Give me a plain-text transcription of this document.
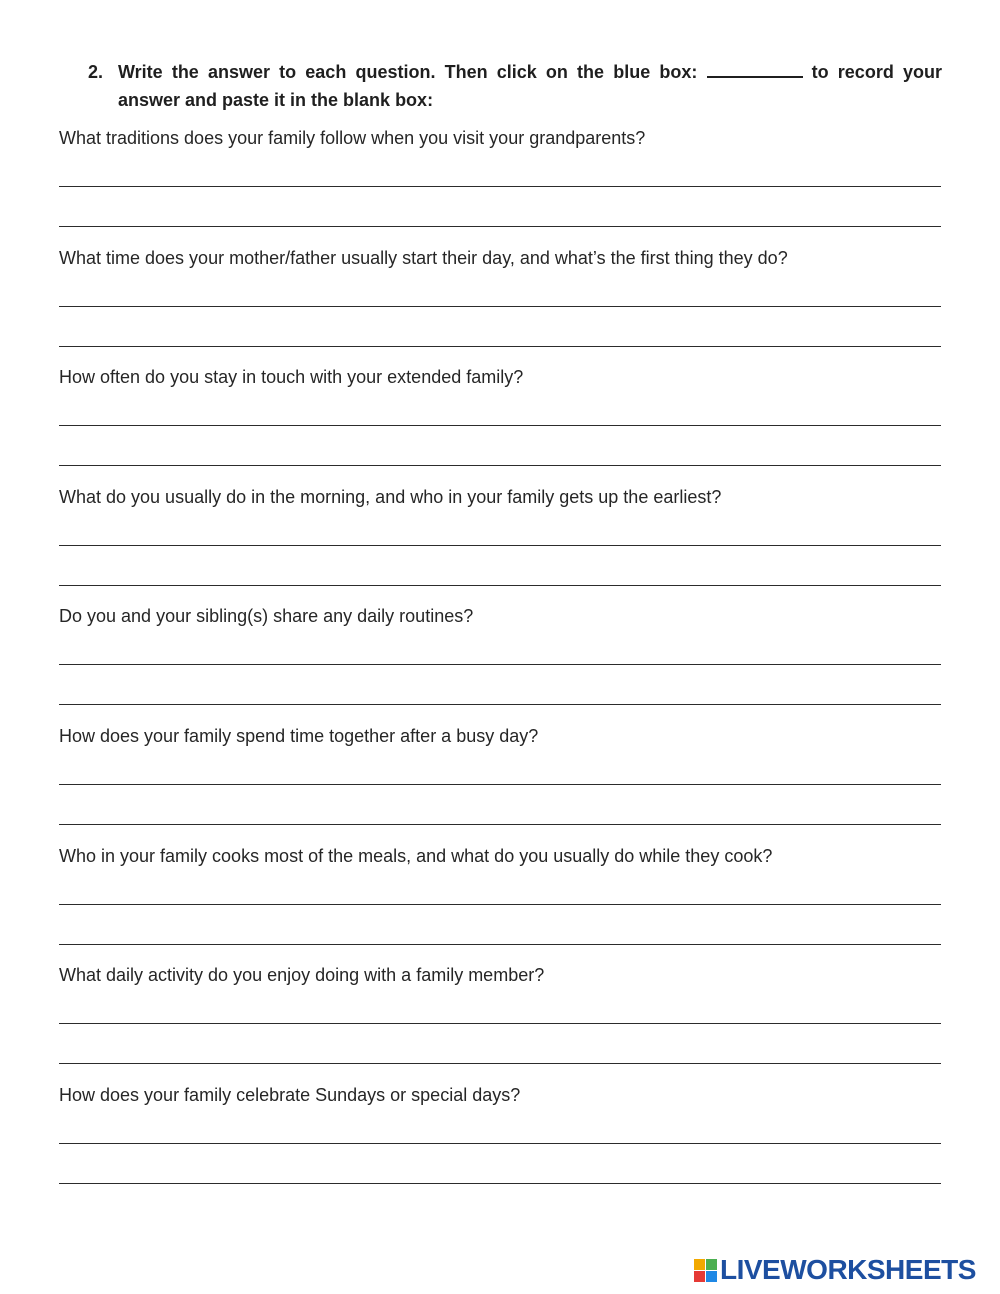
2. Write the answer to each question. Then click on the blue box:	to record your answer and paste it in the blank box:
What traditions does your family follow when you visit your grandparents?
What time does your mother/father usually start their day, and what’s the first thing they do?
How often do you stay in touch with your extended family?
What do you usually do in the morning, and who in your family gets up the earliest?
Do you and your sibling(s) share any daily routines?
How does your family spend time together after a busy day?
Who in your family cooks most of the meals, and what do you usually do while they cook?
What daily activity do you enjoy doing with a family member?
How does your family celebrate Sundays or special days?
LIVEWORKSHEETS
